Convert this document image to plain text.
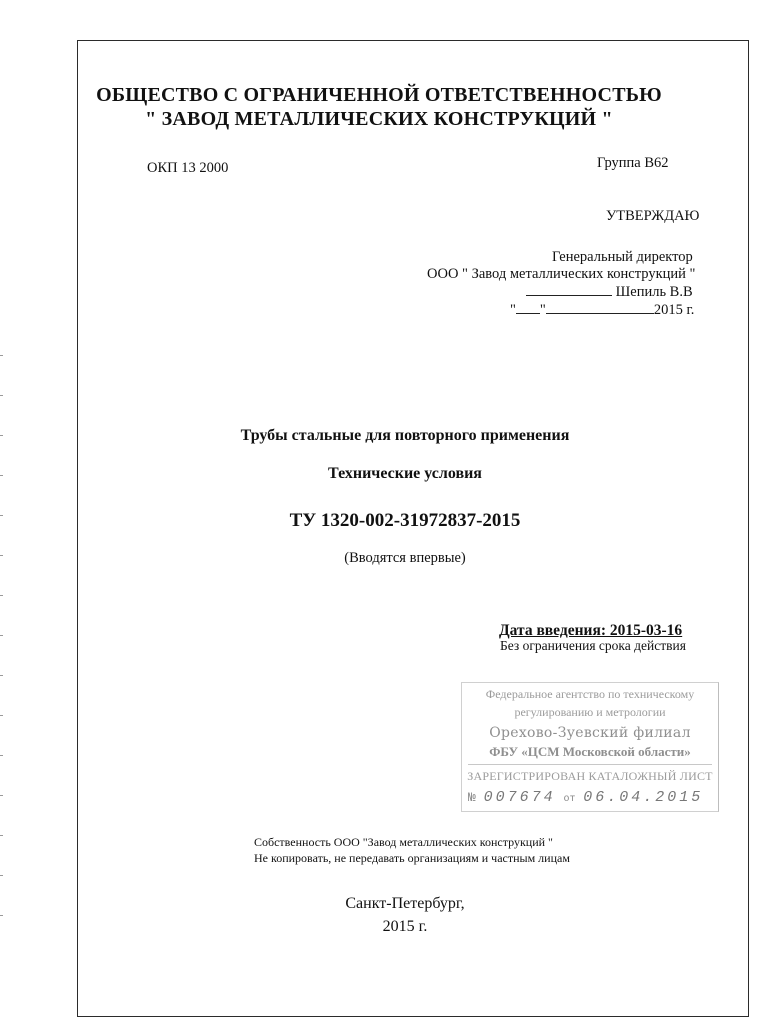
ОБЩЕСТВО С ОГРАНИЧЕННОЙ ОТВЕТСТВЕННОСТЬЮ
" ЗАВОД МЕТАЛЛИЧЕСКИХ КОНСТРУКЦИЙ "
ОКП 13 2000	Группа В62
УТВЕРЖДАЮ
Генеральный директор
ООО " Завод металлических конструкций "
Шепиль В.В
" "	2015 г.
Трубы стальные для повторного применения
Технические условия
ТУ 1320-002-31972837-2015
(Вводятся впервые)
Дата введения: 2015-03-16
Без ограничения срока действия
Федеральное агентство по техническому
регулированию и метрологии
Орехово-Зуевский филиал
ФБУ «ЦСМ Московской области»
ЗАРЕГИСТРИРОВАН КАТАЛОЖНЫЙ ЛИСТ
№ 007674 от 06.04.2015
Собственность ООО "Завод металлических конструкций "
Не копировать, не передавать организациям и частным лицам
Санкт-Петербург,
2015 г.
